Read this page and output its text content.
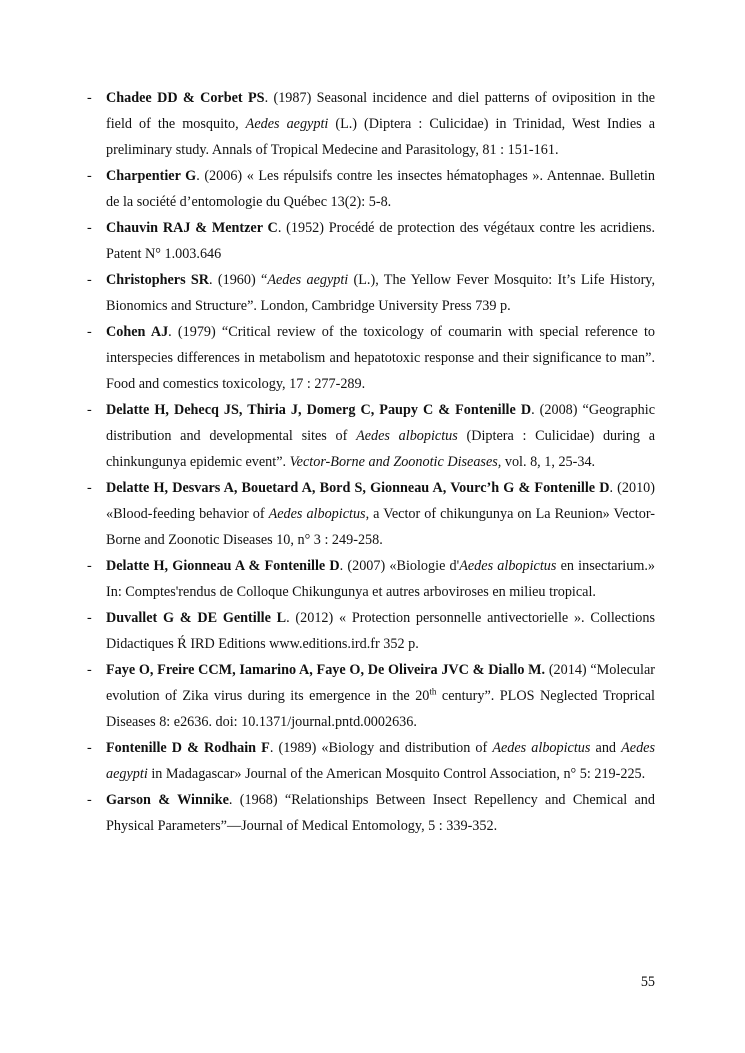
- Chadee DD & Corbet PS. (1987) Seasonal incidence and diel patterns of oviposition in the field of the mosquito, Aedes aegypti (L.) (Diptera : Culicidae) in Trinidad, West Indies a preliminary study. Annals of Tropical Medecine and Parasitology, 81 : 151-161.
- Charpentier G. (2006) « Les répulsifs contre les insectes hématophages ». Antennae. Bulletin de la société d’entomologie du Québec 13(2): 5-8.
- Chauvin RAJ & Mentzer C. (1952) Procédé de protection des végétaux contre les acridiens. Patent N° 1.003.646
- Christophers SR. (1960) “Aedes aegypti (L.), The Yellow Fever Mosquito: It’s Life History, Bionomics and Structure”. London, Cambridge University Press 739 p.
- Cohen AJ. (1979) “Critical review of the toxicology of coumarin with special reference to interspecies differences in metabolism and hepatotoxic response and their significance to man”. Food and comestics toxicology, 17 : 277-289.
- Delatte H, Dehecq JS, Thiria J, Domerg C, Paupy C & Fontenille D. (2008) “Geographic distribution and developmental sites of Aedes albopictus (Diptera : Culicidae) during a chinkungunya epidemic event”. Vector-Borne and Zoonotic Diseases, vol. 8, 1, 25-34.
- Delatte H, Desvars A, Bouetard A, Bord S, Gionneau A, Vourc’h G & Fontenille D. (2010) «Blood-feeding behavior of Aedes albopictus, a Vector of chikungunya on La Reunion» Vector-Borne and Zoonotic Diseases 10, n° 3 : 249-258.
- Delatte H, Gionneau A & Fontenille D. (2007) «Biologie d'Aedes albopictus en insectarium.» In: Comptes'rendus de Colloque Chikungunya et autres arboviroses en milieu tropical.
- Duvallet G & DE Gentille L. (2012) « Protection personnelle antivectorielle ». Collections Didactiques Ŕ IRD Editions www.editions.ird.fr 352 p.
- Faye O, Freire CCM, Iamarino A, Faye O, De Oliveira JVC & Diallo M. (2014) “Molecular evolution of Zika virus during its emergence in the 20th century”. PLOS Neglected Troprical Diseases 8: e2636. doi: 10.1371/journal.pntd.0002636.
- Fontenille D & Rodhain F. (1989) «Biology and distribution of Aedes albopictus and Aedes aegypti in Madagascar» Journal of the American Mosquito Control Association, n° 5: 219-225.
- Garson & Winnike. (1968) “Relationships Between Insect Repellency and Chemical and Physical Parameters”—Journal of Medical Entomology, 5 : 339-352.
55
